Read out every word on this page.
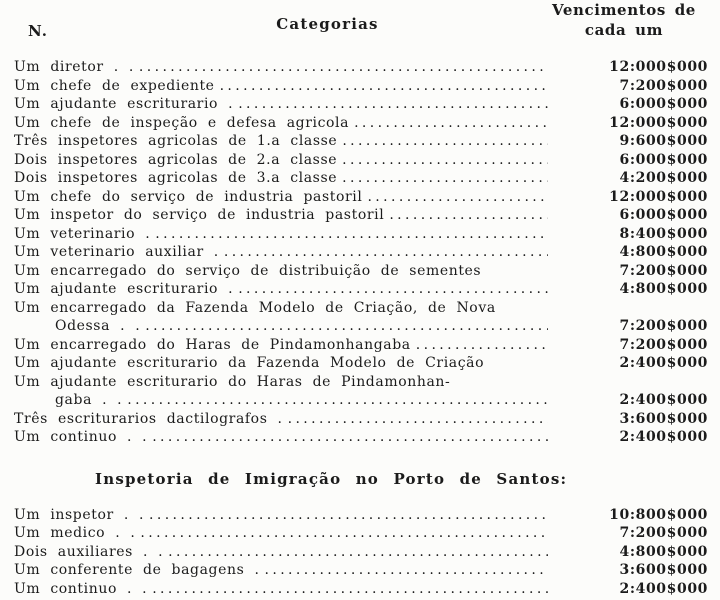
N.	Categorias
Vencimentos de
cada um
Um diretor . . .....	12:000$000
Um chefe de expediente .....	7:200$000
Um ajudante escriturario . .....	6:000$000
Um chefe de inspeção e defesa agricola .....	12:000$000
Três inspetores agricolas de 1.a classe .....	9:600$000
Dois inspetores agricolas de 2.a classe .....	6:000$000
Dois inspetores agricolas de 3.a classe .....	4:200$000
Um chefe do serviço de industria pastoril .....	12:000$000
Um inspetor do serviço de industria pastoril .....	6:000$000
Um veterinario . .....	8:400$000
Um veterinario auxiliar . .....	4:800$000
Um encarregado do serviço de distribuição de sementes	7:200$000
Um ajudante escriturario . .....	4:800$000
Um encarregado da Fazenda Modelo de Criação, de Nova
Odessa . . .....	7:200$000
Um encarregado do Haras de Pindamonhangaba .....	7:200$000
Um ajudante escriturario da Fazenda Modelo de Criação	2:400$000
Um ajudante escriturario do Haras de Pindamonhan-
gaba . . .....	2:400$000
Três escriturarios dactilografos . .....	3:600$000
Um continuo . . .....	2:400$000
Inspetoria de Imigração no Porto de Santos:
Um inspetor . . .....	10:800$000
Um medico . . .....	7:200$000
Dois auxiliares . . .....	4:800$000
Um conferente de bagagens . .....	3:600$000
Um continuo . . .....	2:400$000
